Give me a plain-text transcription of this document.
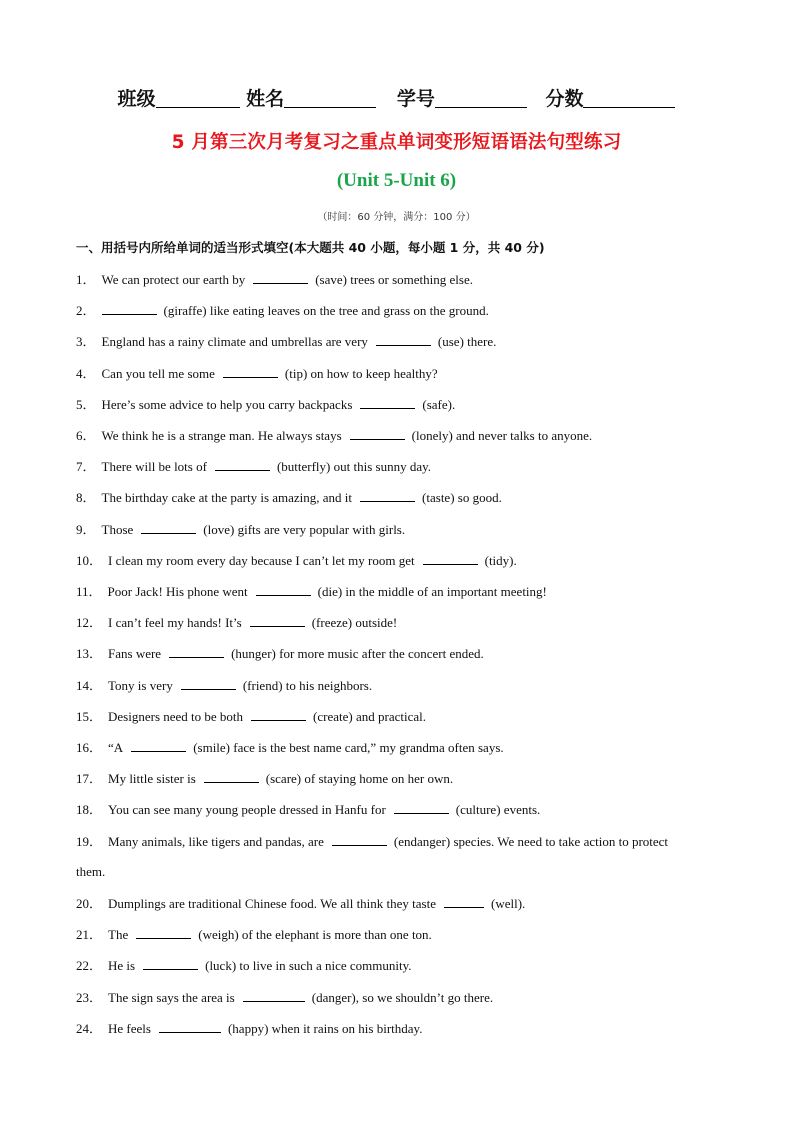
班级	姓名	学号	分数
5 月第三次月考复习之重点单词变形短语语法句型练习
(Unit 5-Unit 6)
（时间：60 分钟，满分：100 分）
一、用括号内所给单词的适当形式填空(本大题共 40 小题，每小题 1 分，共 40 分)
1． We can protect our earth by	(save) trees or something else.
2．	(giraffe) like eating leaves on the tree and grass on the ground.
3． England has a rainy climate and umbrellas are very	(use) there.
4． Can you tell me some	(tip) on how to keep healthy?
5． Here’s some advice to help you carry backpacks	(safe).
6． We think he is a strange man. He always stays	(lonely) and never talks to anyone.
7． There will be lots of	(butterfly) out this sunny day.
8． The birthday cake at the party is amazing, and it	(taste) so good.
9． Those	(love) gifts are very popular with girls.
10． I clean my room every day because I can’t let my room get	(tidy).
11． Poor Jack! His phone went	(die) in the middle of an important meeting!
12． I can’t feel my hands! It’s	(freeze) outside!
13． Fans were	(hunger) for more music after the concert ended.
14． Tony is very	(friend) to his neighbors.
15． Designers need to be both	(create) and practical.
16． “A	(smile) face is the best name card,” my grandma often says.
17． My little sister is	(scare) of staying home on her own.
18． You can see many young people dressed in Hanfu for	(culture) events.
19． Many animals, like tigers and pandas, are	(endanger) species. We need to take action to protect
them.
20． Dumplings are traditional Chinese food. We all think they taste	(well).
21． The	(weigh) of the elephant is more than one ton.
22． He is	(luck) to live in such a nice community.
23． The sign says the area is	(danger), so we shouldn’t go there.
24． He feels	(happy) when it rains on his birthday.
